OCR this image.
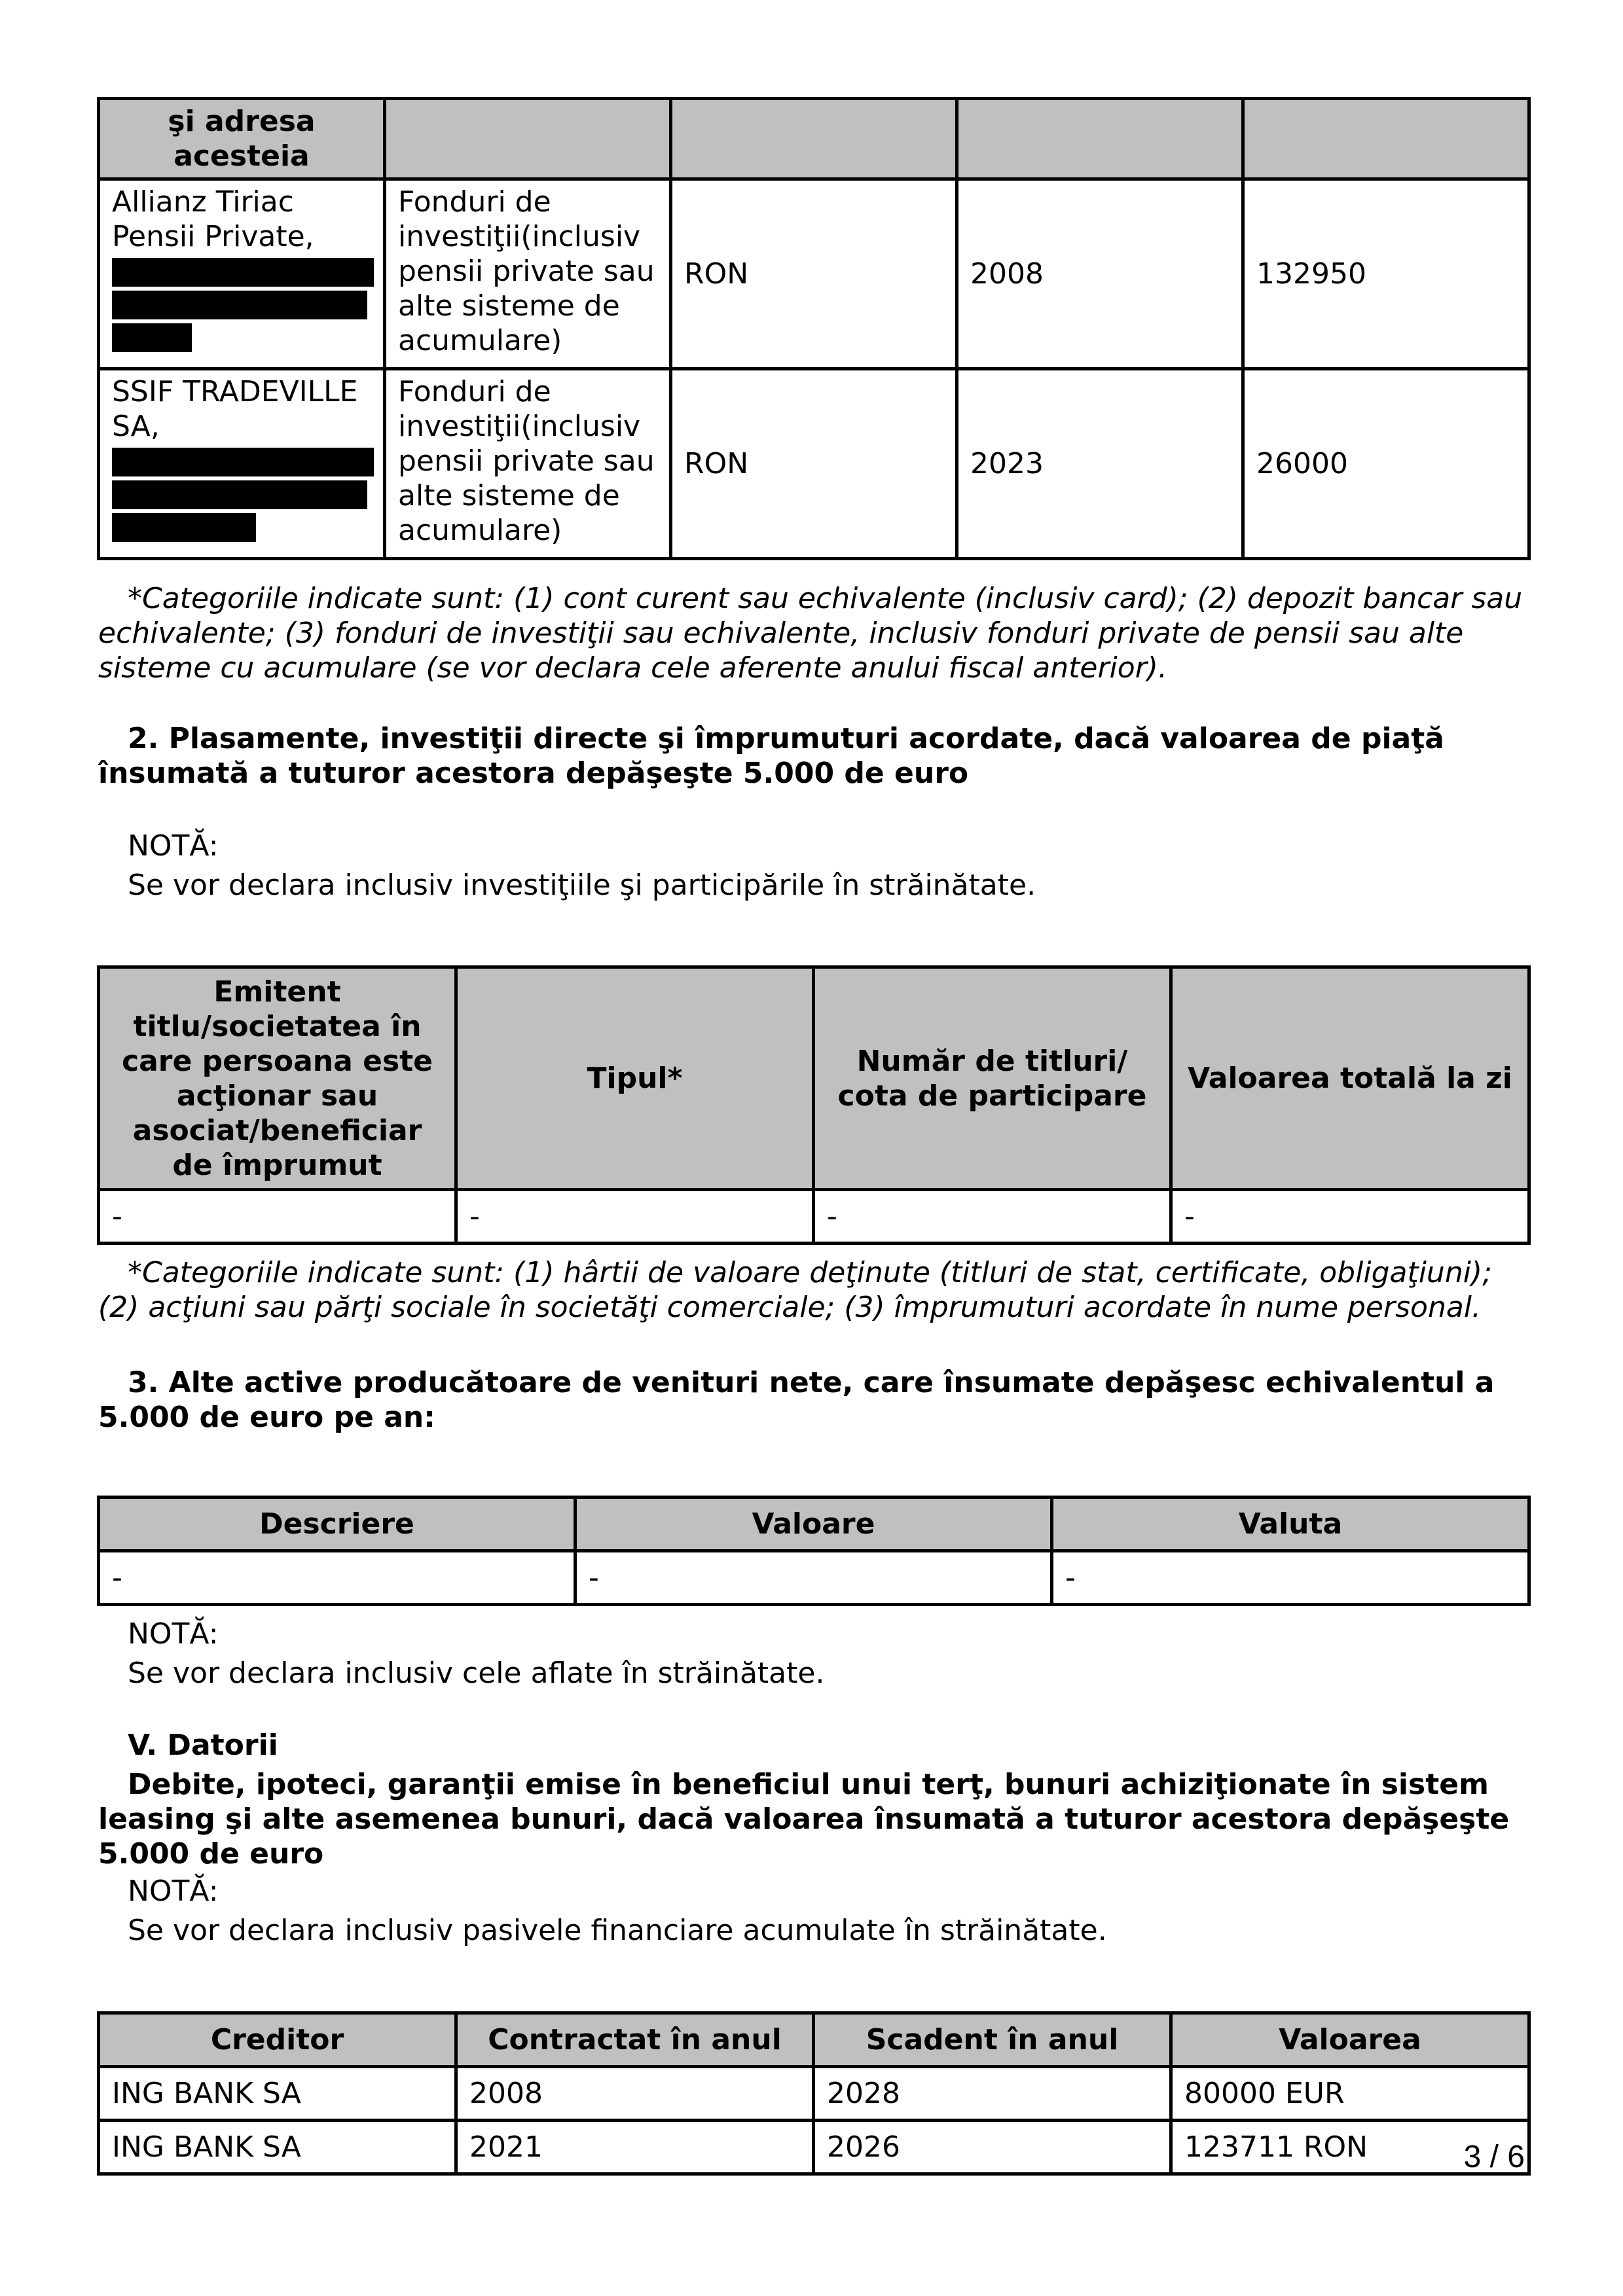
şi adresa acesteia				
Allianz Tiriac Pensii Private,	Fonduri de investiţii(inclusiv pensii private sau alte sisteme de acumulare)	RON	2008	132950
SSIF TRADEVILLE SA,	Fonduri de investiţii(inclusiv pensii private sau alte sisteme de acumulare)	RON	2023	26000
*Categoriile indicate sunt: (1) cont curent sau echivalente (inclusiv card); (2) depozit bancar sau echivalente; (3) fonduri de investiţii sau echivalente, inclusiv fonduri private de pensii sau alte sisteme cu acumulare (se vor declara cele aferente anului fiscal anterior).
2. Plasamente, investiţii directe şi împrumuturi acordate, dacă valoarea de piaţă însumată a tuturor acestora depăşeşte 5.000 de euro
NOTĂ:
Se vor declara inclusiv investiţiile şi participările în străinătate.
Emitent titlu/societatea în care persoana este acţionar sau asociat/beneficiar de împrumut	Tipul*	Număr de titluri/ cota de participare	Valoarea totală la zi
-	-	-	-
*Categoriile indicate sunt: (1) hârtii de valoare deţinute (titluri de stat, certificate, obligaţiuni); (2) acţiuni sau părţi sociale în societăţi comerciale; (3) împrumuturi acordate în nume personal.
3. Alte active producătoare de venituri nete, care însumate depăşesc echivalentul a 5.000 de euro pe an:
Descriere	Valoare	Valuta
-	-	-
NOTĂ:
Se vor declara inclusiv cele aflate în străinătate.
V. Datorii
Debite, ipoteci, garanţii emise în beneficiul unui terţ, bunuri achiziţionate în sistem leasing şi alte asemenea bunuri, dacă valoarea însumată a tuturor acestora depăşeşte 5.000 de euro
NOTĂ:
Se vor declara inclusiv pasivele financiare acumulate în străinătate.
Creditor	Contractat în anul	Scadent în anul	Valoarea
ING BANK SA	2008	2028	80000 EUR
ING BANK SA	2021	2026	123711 RON	3 / 6
